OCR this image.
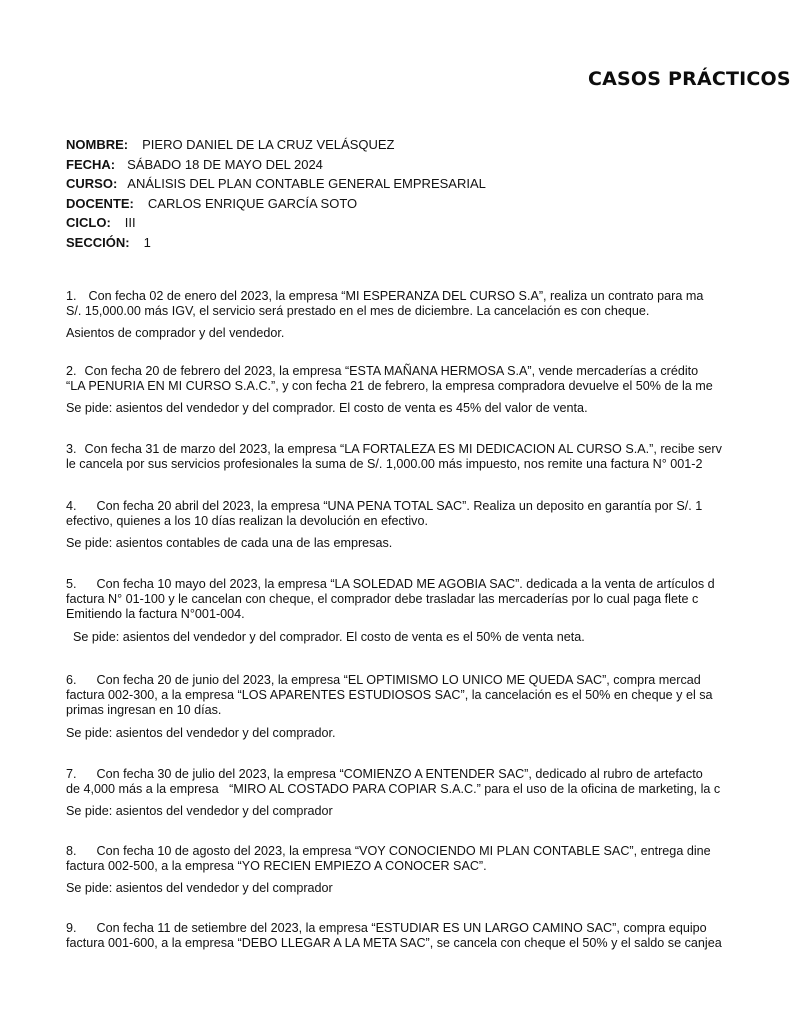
CASOS PRÁCTICOS
NOMBRE: PIERO DANIEL DE LA CRUZ VELÁSQUEZ
FECHA: SÁBADO 18 DE MAYO DEL 2024
CURSO: ANÁLISIS DEL PLAN CONTABLE GENERAL EMPRESARIAL
DOCENTE: CARLOS ENRIQUE GARCÍA SOTO
CICLO: III
SECCIÓN: 1
1. Con fecha 02 de enero del 2023, la empresa “MI ESPERANZA DEL CURSO S.A”, realiza un contrato para ma
S/. 15,000.00 más IGV, el servicio será prestado en el mes de diciembre. La cancelación es con cheque.
Asientos de comprador y del vendedor.
2. Con fecha 20 de febrero del 2023, la empresa “ESTA MAÑANA HERMOSA S.A”, vende mercaderías a crédito
“LA PENURIA EN MI CURSO S.A.C.”, y con fecha 21 de febrero, la empresa compradora devuelve el 50% de la me
Se pide: asientos del vendedor y del comprador. El costo de venta es 45% del valor de venta.
3. Con fecha 31 de marzo del 2023, la empresa “LA FORTALEZA ES MI DEDICACION AL CURSO S.A.”, recibe serv
le cancela por sus servicios profesionales la suma de S/. 1,000.00 más impuesto, nos remite una factura N° 001-2
4. Con fecha 20 abril del 2023, la empresa “UNA PENA TOTAL SAC”. Realiza un deposito en garantía por S/. 1
efectivo, quienes a los 10 días realizan la devolución en efectivo.
Se pide: asientos contables de cada una de las empresas.
5. Con fecha 10 mayo del 2023, la empresa “LA SOLEDAD ME AGOBIA SAC”. dedicada a la venta de artículos d
factura N° 01-100 y le cancelan con cheque, el comprador debe trasladar las mercaderías por lo cual paga flete c
Emitiendo la factura N°001-004.
Se pide: asientos del vendedor y del comprador. El costo de venta es el 50% de venta neta.
6. Con fecha 20 de junio del 2023, la empresa “EL OPTIMISMO LO UNICO ME QUEDA SAC”, compra mercad
factura 002-300, a la empresa “LOS APARENTES ESTUDIOSOS SAC”, la cancelación es el 50% en cheque y el sa
primas ingresan en 10 días.
Se pide: asientos del vendedor y del comprador.
7. Con fecha 30 de julio del 2023, la empresa “COMIENZO A ENTENDER SAC”, dedicado al rubro de artefacto
de 4,000 más a la empresa   “MIRO AL COSTADO PARA COPIAR S.A.C.” para el uso de la oficina de marketing, la c
Se pide: asientos del vendedor y del comprador
8. Con fecha 10 de agosto del 2023, la empresa “VOY CONOCIENDO MI PLAN CONTABLE SAC”, entrega dine
factura 002-500, a la empresa “YO RECIEN EMPIEZO A CONOCER SAC”.
Se pide: asientos del vendedor y del comprador
9. Con fecha 11 de setiembre del 2023, la empresa “ESTUDIAR ES UN LARGO CAMINO SAC”, compra equipo
factura 001-600, a la empresa “DEBO LLEGAR A LA META SAC”, se cancela con cheque el 50% y el saldo se canjea
